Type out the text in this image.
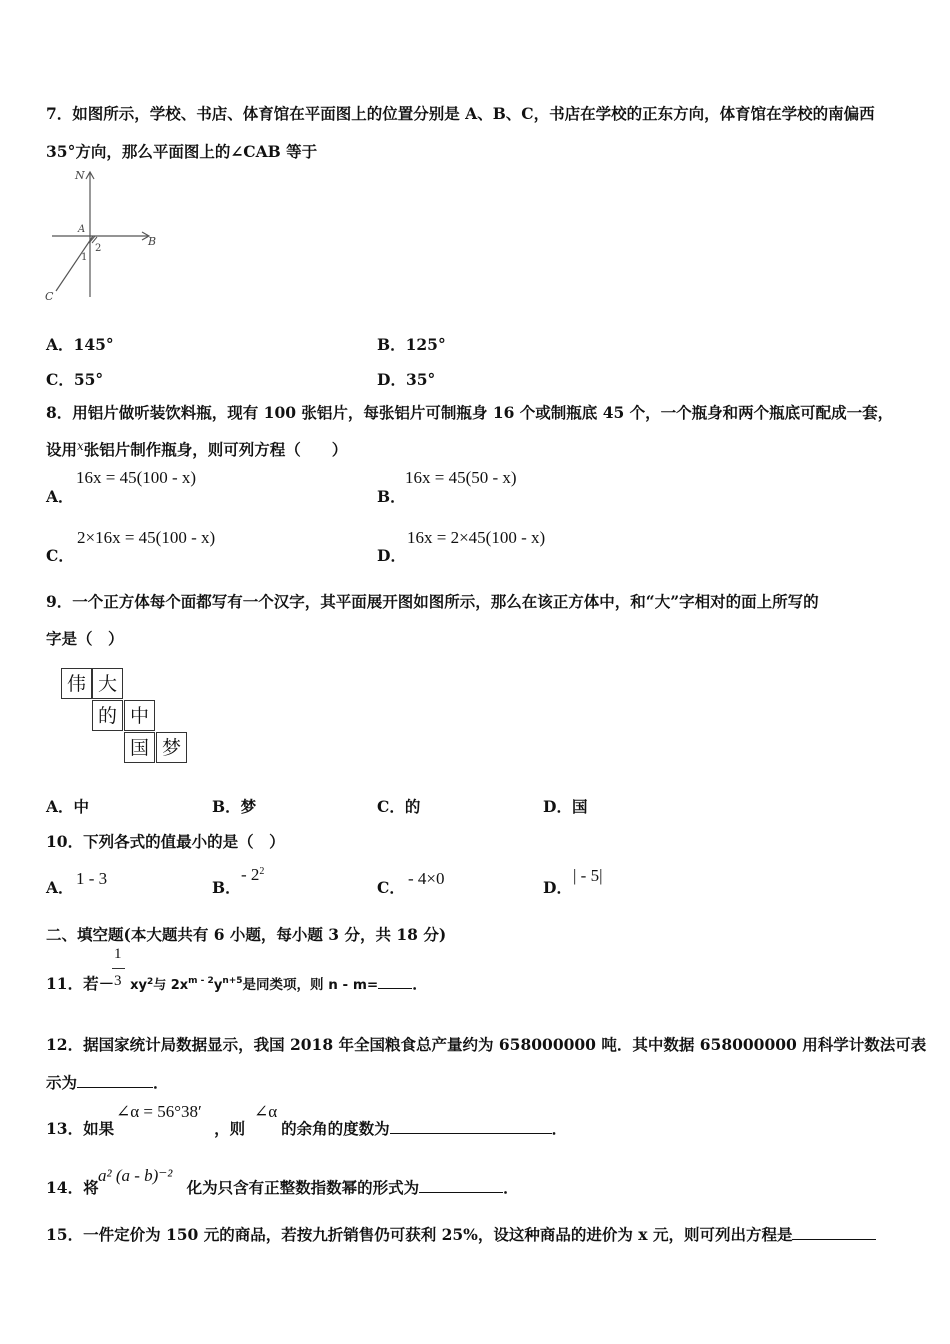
7．如图所示，学校、书店、体育馆在平面图上的位置分别是 A、B、C，书店在学校的正东方向，体育馆在学校的南偏西
35°方向，那么平面图上的∠CAB 等于
N
A
B
C
1
2
A．145°	B．125°
C．55°	D．35°
8．用铝片做听装饮料瓶，现有 100 张铝片，每张铝片可制瓶身 16 个或制瓶底 45 个，一个瓶身和两个瓶底可配成一套，
设用$^x$张铝片制作瓶身，则可列方程（　　）
A．
16x = 45(100 - x)
B．
16x = 45(50 - x)
C．
2×16x = 45(100 - x)
D．
16x = 2×45(100 - x)
9．一个正方体每个面都写有一个汉字，其平面展开图如图所示，那么在该正方体中，和“大”字相对的面上所写的
字是（　）
伟 大
的 中
国 梦
A．中	B．梦	C．的	D．国
10．下列各式的值最小的是（　）
A． 1 - 3	B．
- $2^2$
C． - 4×0	D．
| - 5|
二、填空题(本大题共有 6 小题，每小题 3 分，共 18 分)
11．若－ $xy^2$与 $2x^{m - 2}y^{n+5}$是同类项，则 n - m= ．
1
3
12．据国家统计局数据显示，我国 2018 年全国粮食总产量约为 658000000 吨．其中数据 658000000 用科学计数法可表
示为	．
13．如果	，则 的余角的度数为	．
∠α = 56°38′	∠α
14．将	化为只含有正整数指数幂的形式为	．
a² (a - b)⁻²
15．一件定价为 150 元的商品，若按九折销售仍可获利 25%，设这种商品的进价为 x 元，则可列出方程是
